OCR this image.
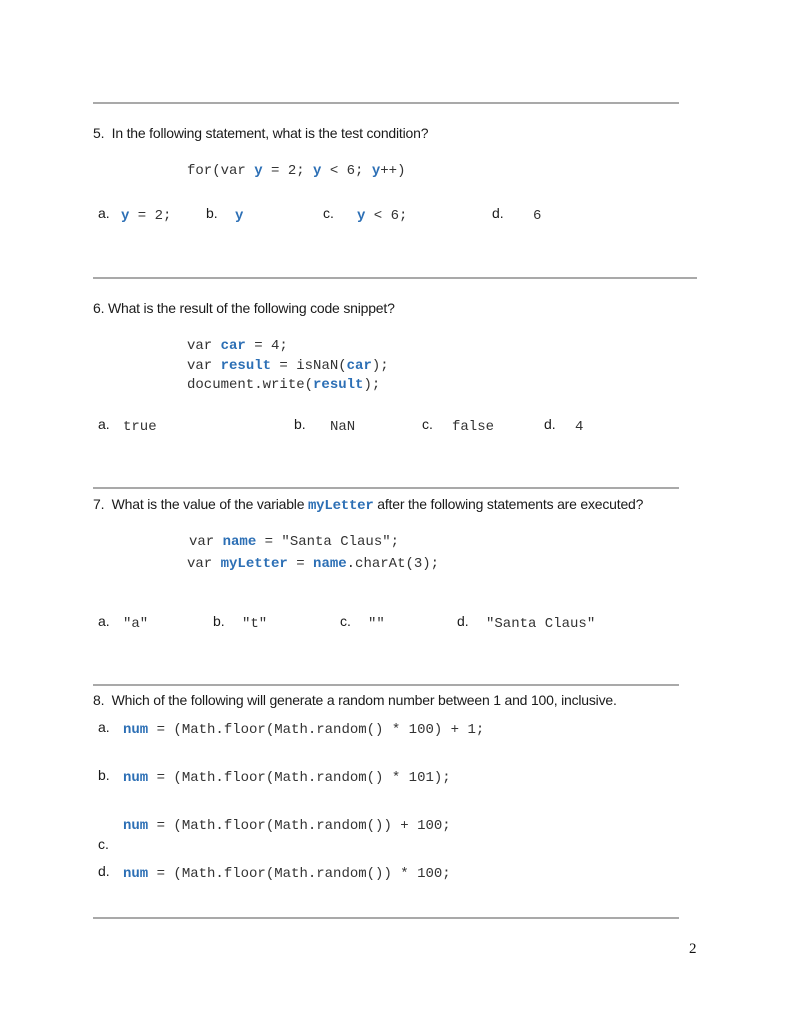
5.  In the following statement, what is the test condition?
for(var y = 2; y < 6; y++)
a. y = 2; b. y	c. y < 6;	d. 6
6. What is the result of the following code snippet?
var car = 4;
var result = isNaN(car);
document.write(result);
a. true	b. NaN	c. false	d. 4
7.  What is the value of the variable myLetter after the following statements are executed?
var name = "Santa Claus";
var myLetter = name.charAt(3);
a. "a"	b. "t"	c. ""	d. "Santa Claus"
8.  Which of the following will generate a random number between 1 and 100, inclusive.
a. num = (Math.floor(Math.random() * 100) + 1;
b. num = (Math.floor(Math.random() * 101);
num = (Math.floor(Math.random()) + 100;
c.
d. num = (Math.floor(Math.random()) * 100;
2
